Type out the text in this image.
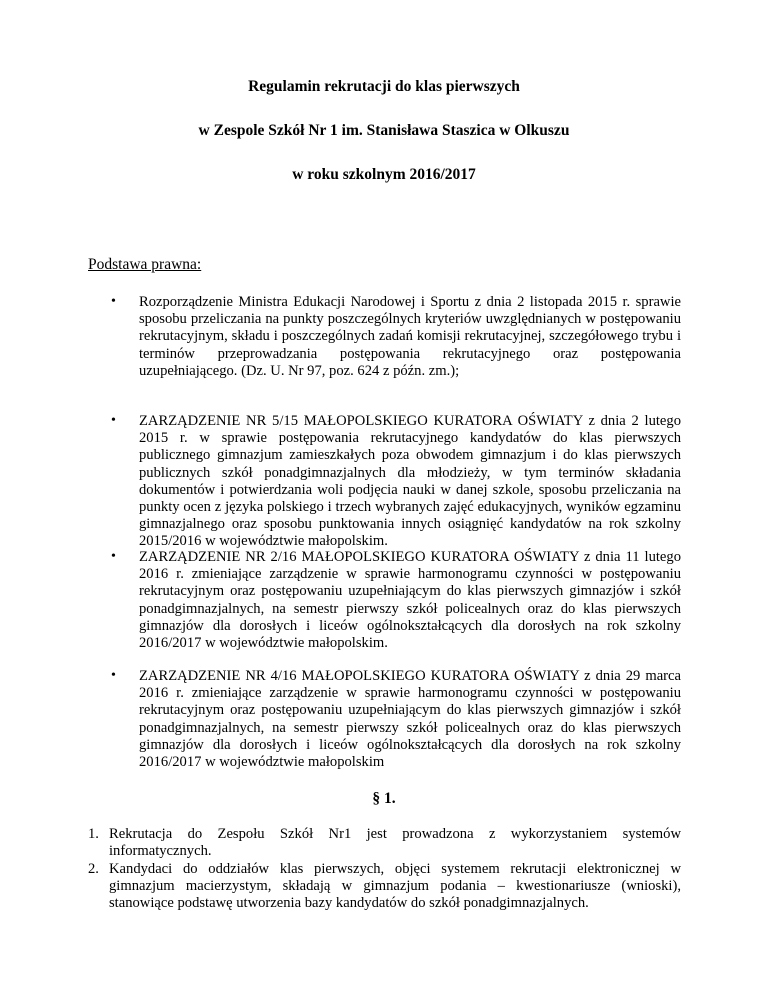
Regulamin rekrutacji do klas pierwszych
w Zespole Szkół Nr 1 im. Stanisława Staszica w Olkuszu
w roku szkolnym 2016/2017
Podstawa prawna:
• Rozporządzenie Ministra Edukacji Narodowej i Sportu z dnia 2 listopada 2015 r. sprawie sposobu przeliczania na punkty poszczególnych kryteriów uwzględnianych w postępowaniu rekrutacyjnym, składu i poszczególnych zadań komisji rekrutacyjnej, szczegółowego trybu i terminów przeprowadzania postępowania rekrutacyjnego oraz postępowania uzupełniającego. (Dz. U. Nr 97, poz. 624 z późn. zm.);
• ZARZĄDZENIE NR 5/15 MAŁOPOLSKIEGO KURATORA OŚWIATY z dnia 2 lutego 2015 r. w sprawie postępowania rekrutacyjnego kandydatów do klas pierwszych publicznego gimnazjum zamieszkałych poza obwodem gimnazjum i do klas pierwszych publicznych szkół ponadgimnazjalnych dla młodzieży, w tym terminów składania dokumentów i potwierdzania woli podjęcia nauki w danej szkole, sposobu przeliczania na punkty ocen z języka polskiego i trzech wybranych zajęć edukacyjnych, wyników egzaminu gimnazjalnego oraz sposobu punktowania innych osiągnięć kandydatów na rok szkolny 2015/2016 w województwie małopolskim.
• ZARZĄDZENIE NR 2/16 MAŁOPOLSKIEGO KURATORA OŚWIATY z dnia 11 lutego 2016 r. zmieniające zarządzenie w sprawie harmonogramu czynności w postępowaniu rekrutacyjnym oraz postępowaniu uzupełniającym do klas pierwszych gimnazjów i szkół ponadgimnazjalnych, na semestr pierwszy szkół policealnych oraz do klas pierwszych gimnazjów dla dorosłych i liceów ogólnokształcących dla dorosłych na rok szkolny 2016/2017 w województwie małopolskim.
• ZARZĄDZENIE NR 4/16 MAŁOPOLSKIEGO KURATORA OŚWIATY z dnia 29 marca 2016 r. zmieniające zarządzenie w sprawie harmonogramu czynności w postępowaniu rekrutacyjnym oraz postępowaniu uzupełniającym do klas pierwszych gimnazjów i szkół ponadgimnazjalnych, na semestr pierwszy szkół policealnych oraz do klas pierwszych gimnazjów dla dorosłych i liceów ogólnokształcących dla dorosłych na rok szkolny 2016/2017 w województwie małopolskim
§ 1.
1. Rekrutacja do Zespołu Szkół Nr1 jest prowadzona z wykorzystaniem systemów informatycznych.
2. Kandydaci do oddziałów klas pierwszych, objęci systemem rekrutacji elektronicznej w gimnazjum macierzystym, składają w gimnazjum podania – kwestionariusze (wnioski), stanowiące podstawę utworzenia bazy kandydatów do szkół ponadgimnazjalnych.
